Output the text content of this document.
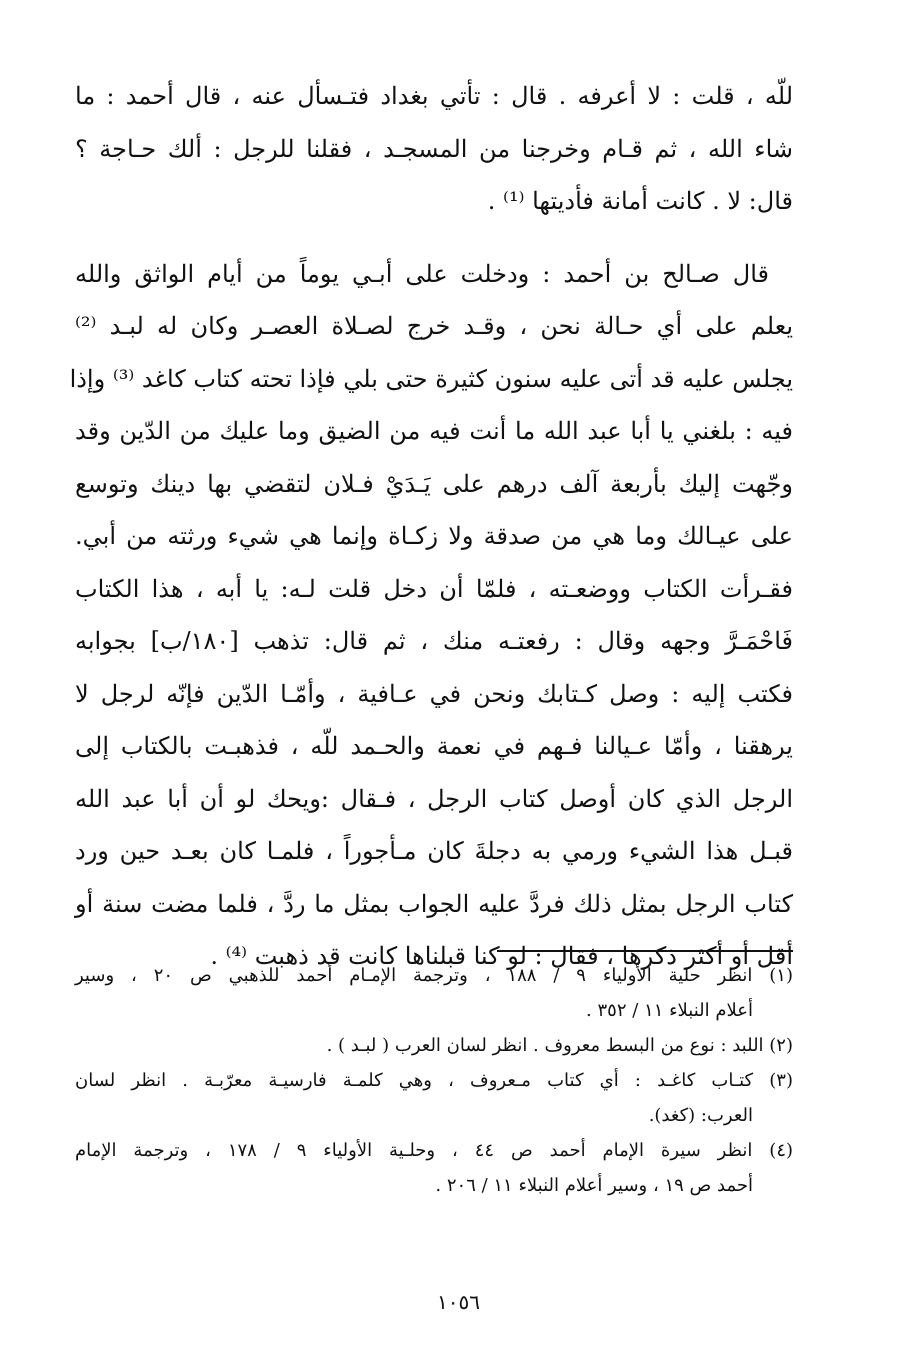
للّه ، قلت : لا أعرفه . قال : تأتي بغداد فتـسأل عنه ، قال أحمد : ما
شاء الله ، ثم قـام وخرجنا من المسجـد ، فقلنا للرجل : ألك حـاجة ؟
قال: لا . كانت أمانة فأديتها ⁽¹⁾ .
قال صـالح بن أحمد : ودخلت على أبـي يوماً من أيام الواثق والله
يعلم على أي حـالة نحن ، وقـد خرج لصـلاة العصـر وكان له لبـد ⁽²⁾
يجلس عليه قد أتى عليه سنون كثيرة حتى بلي فإذا تحته كتاب كاغد ⁽³⁾ وإذا
فيه : بلغني يا أبا عبد الله ما أنت فيه من الضيق وما عليك من الدّين وقد
وجّهت إليك بأربعة آلف درهم على يَـدَيْ فـلان لتقضي بها دينك وتوسع
على عيـالك وما هي من صدقة ولا زكـاة وإنما هي شيء ورثته من أبي.
فقـرأت الكتاب ووضعـته ، فلمّا أن دخل قلت لـه: يا أبه ، هذا الكتاب
فَاحْمَـرَّ وجهه وقال : رفعتـه منك ، ثم قال: تذهب [١٨٠/ب] بجوابه
فكتب إليه : وصل كـتابك ونحن في عـافية ، وأمّـا الدّين فإنّه لرجل لا
يرهقنا ، وأمّا عـيالنا فـهم في نعمة والحـمد للّه ، فذهبـت بالكتاب إلى
الرجل الذي كان أوصل كتاب الرجل ، فـقال :ويحك لو أن أبا عبد الله
قبـل هذا الشيء ورمي به دجلةَ كان مـأجوراً ، فلمـا كان بعـد حين ورد
كتاب الرجل بمثل ذلك فردَّ عليه الجواب بمثل ما ردَّ ، فلما مضت سنة أو
أقل أو أكثر ذكرها ، فقال : لو كنا قبلناها كانت قد ذهبت ⁽⁴⁾ .
(١) انظر حلية الأولياء ٩ / ١٨٨ ، وترجمة الإمـام أحمد للذهبي ص ٢٠ ، وسير
أعلام النبلاء ١١ / ٣٥٢ .
(٢) اللبد : نوع من البسط معروف . انظر لسان العرب ( لبـد ) .
(٣) كتـاب كاغـد : أي كتاب مـعروف ، وهي كلمـة فارسيـة معرّبـة . انظر لسان
العرب: (كغد).
(٤) انظر سيرة الإمام أحمد ص ٤٤ ، وحلـية الأولياء ٩ / ١٧٨ ، وترجمة الإمام
أحمد ص ١٩ ، وسير أعلام النبلاء ١١ / ٢٠٦ .
١٠٥٦
